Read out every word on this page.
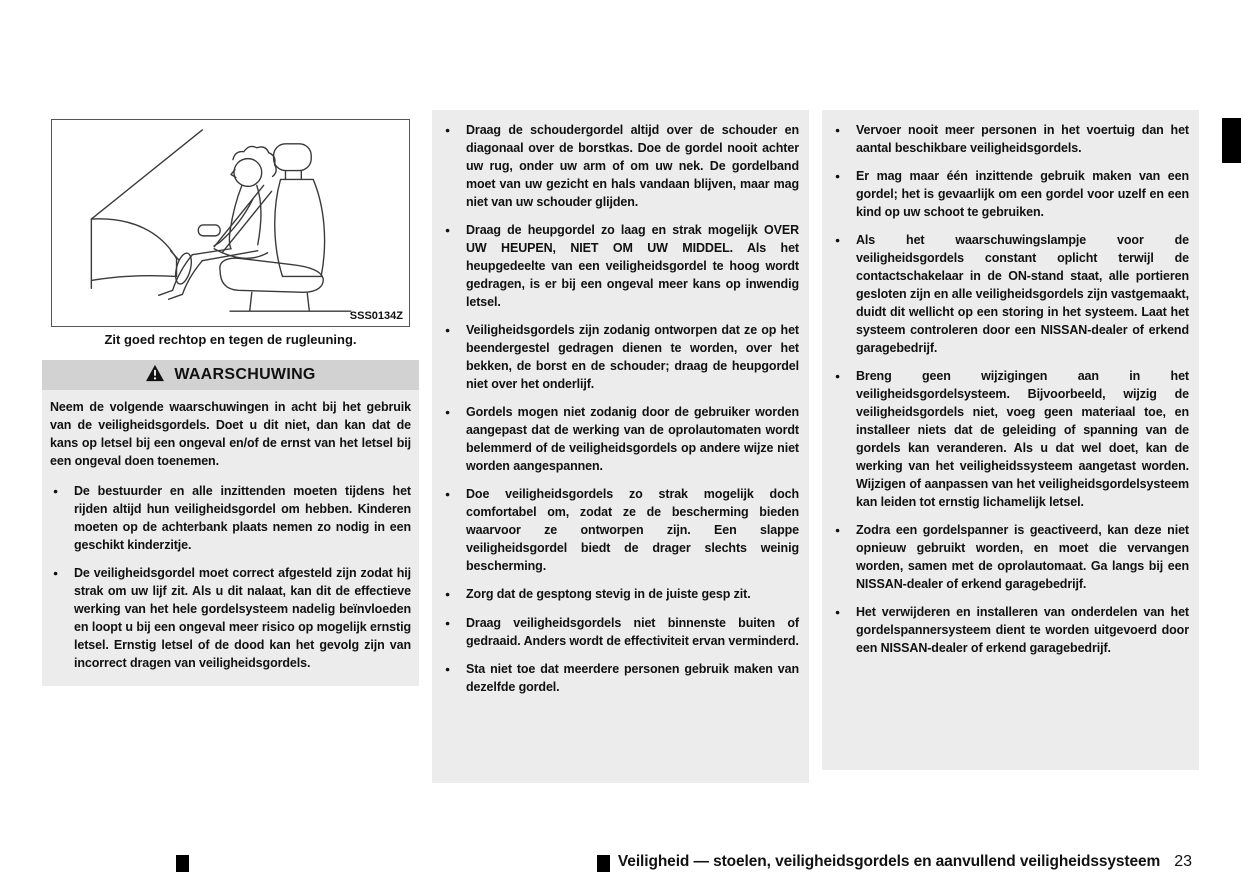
SSS0134Z
Zit goed rechtop en tegen de rugleuning.
WAARSCHUWING

Neem de volgende waarschuwingen in acht bij het gebruik van de veiligheidsgordels. Doet u dit niet, dan kan dat de kans op letsel bij een ongeval en/of de ernst van het letsel bij een ongeval doen toenemen.

●

De bestuurder en alle inzittenden moeten tijdens het rijden altijd hun veiligheidsgordel om hebben. Kinderen moeten op de achterbank plaats nemen zo nodig in een geschikt kinderzitje.

●

De veiligheidsgordel moet correct afgesteld zijn zodat hij strak om uw lijf zit. Als u dit nalaat, kan dit de effectieve werking van het hele gordelsysteem nadelig beïnvloeden en loopt u bij een ongeval meer risico op mogelijk ernstig letsel. Ernstig letsel of de dood kan het gevolg zijn van incorrect dragen van veiligheidsgordels.

●

Draag de schoudergordel altijd over de schouder en diagonaal over de borstkas. Doe de gordel nooit achter uw rug, onder uw arm of om uw nek. De gordelband moet van uw gezicht en hals vandaan blijven, maar mag niet van uw schouder glijden.

●

Draag de heupgordel zo laag en strak mogelijk OVER UW HEUPEN, NIET OM UW MIDDEL. Als het heupgedeelte van een veiligheidsgordel te hoog wordt gedragen, is er bij een ongeval meer kans op inwendig letsel.

●

Veiligheidsgordels zijn zodanig ontworpen dat ze op het beendergestel gedragen dienen te worden, over het bekken, de borst en de schouder; draag de heupgordel niet over het onderlijf.

●

Gordels mogen niet zodanig door de gebruiker worden aangepast dat de werking van de oprolautomaten wordt belemmerd of de veiligheidsgordels op andere wijze niet worden aangespannen.

●

Doe veiligheidsgordels zo strak mogelijk doch comfortabel om, zodat ze de bescherming bieden waarvoor ze ontworpen zijn. Een slappe veiligheidsgordel biedt de drager slechts weinig bescherming.

●

Zorg dat de gesptong stevig in de juiste gesp zit.

●

Draag veiligheidsgordels niet binnenste buiten of gedraaid. Anders wordt de effectiviteit ervan verminderd.

●

Sta niet toe dat meerdere personen gebruik maken van dezelfde gordel.

●

Vervoer nooit meer personen in het voertuig dan het aantal beschikbare veiligheidsgordels.

●

Er mag maar één inzittende gebruik maken van een gordel; het is gevaarlijk om een gordel voor uzelf en een kind op uw schoot te gebruiken.

●

Als het waarschuwingslampje voor de veiligheidsgordels constant oplicht terwijl de contactschakelaar in de ON-stand staat, alle portieren gesloten zijn en alle veiligheidsgordels zijn vastgemaakt, duidt dit wellicht op een storing in het systeem. Laat het systeem controleren door een NISSAN-dealer of erkend garagebedrijf.

●

Breng geen wijzigingen aan in het veiligheidsgordelsysteem. Bijvoorbeeld, wijzig de veiligheidsgordels niet, voeg geen materiaal toe, en installeer niets dat de geleiding of spanning van de gordels kan veranderen. Als u dat wel doet, kan de werking van het veiligheidssysteem aangetast worden. Wijzigen of aanpassen van het veiligheidsgordelsysteem kan leiden tot ernstig lichamelijk letsel.

●

Zodra een gordelspanner is geactiveerd, kan deze niet opnieuw gebruikt worden, en moet die vervangen worden, samen met de oprolautomaat. Ga langs bij een NISSAN-dealer of erkend garagebedrijf.

●

Het verwijderen en installeren van onderdelen van het gordelspannersysteem dient te worden uitgevoerd door een NISSAN-dealer of erkend garagebedrijf.

Veiligheid — stoelen, veiligheidsgordels en aanvullend veiligheidssysteem 23
